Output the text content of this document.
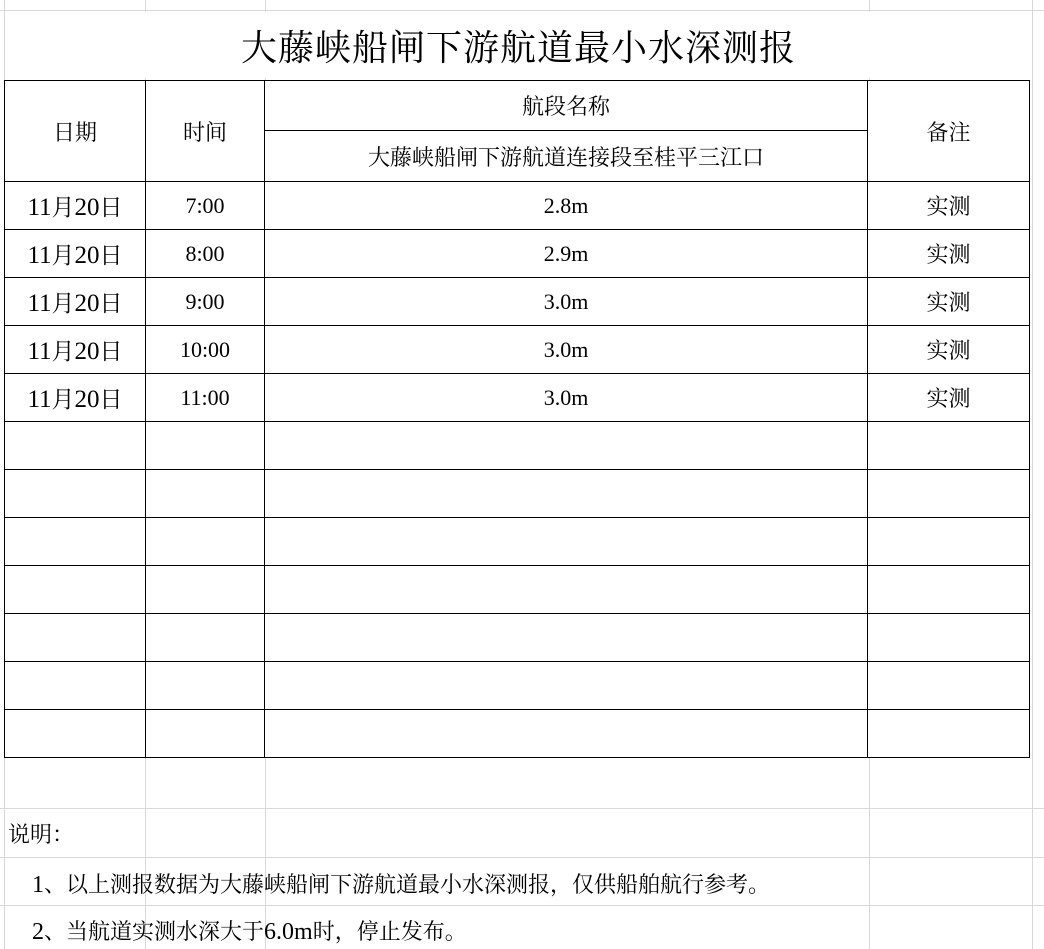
大藤峡船闸下游航道最小水深测报
日期	时间	航段名称	备注
		大藤峡船闸下游航道连接段至桂平三江口	
11月20日	7:00	2.8m	实测
11月20日	8:00	2.9m	实测
11月20日	9:00	3.0m	实测
11月20日	10:00	3.0m	实测
11月20日	11:00	3.0m	实测

说明：
1、以上测报数据为大藤峡船闸下游航道最小水深测报，仅供船舶航行参考。
2、当航道实测水深大于6.0m时，停止发布。
